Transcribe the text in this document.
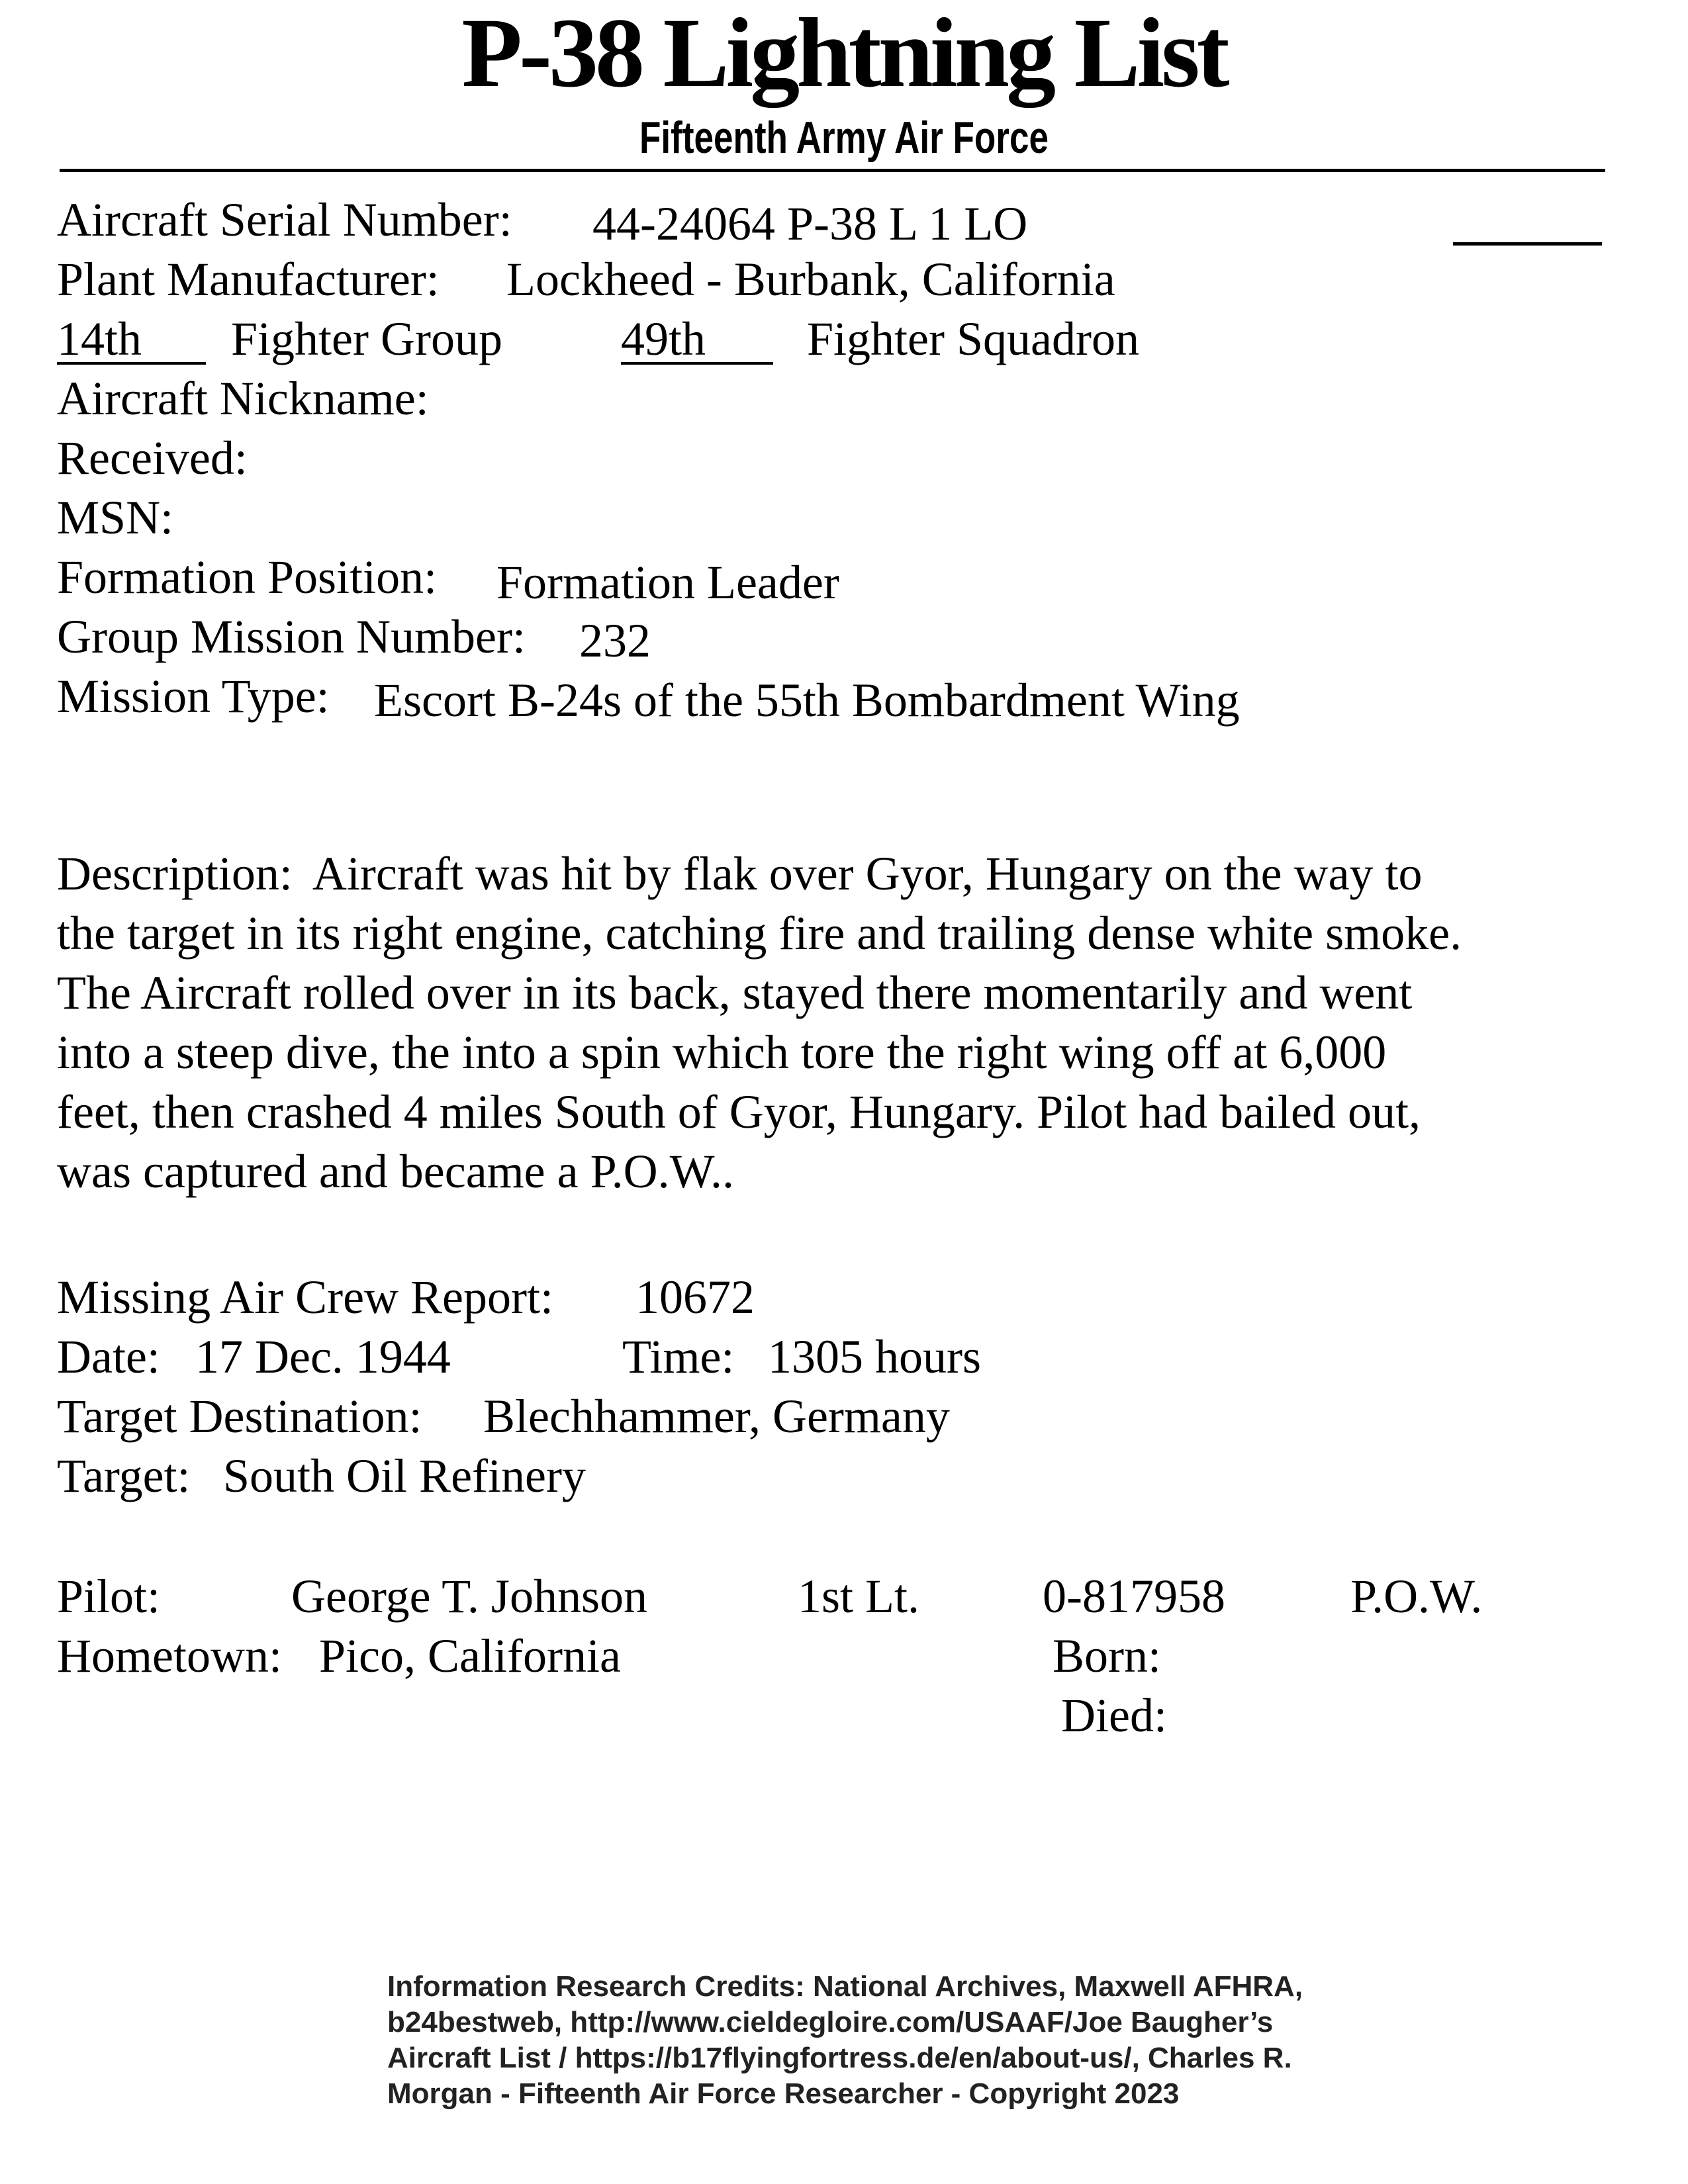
P-38 Lightning List
Fifteenth Army Air Force
Aircraft Serial Number: 44-24064 P-38 L 1 LO
Plant Manufacturer: Lockheed - Burbank, California
14th Fighter Group 49th Fighter Squadron
Aircraft Nickname:
Received:
MSN:
Formation Position: Formation Leader
Group Mission Number: 232
Mission Type: Escort B-24s of the 55th Bombardment Wing
Description: Aircraft was hit by flak over Gyor, Hungary on the way to
the target in its right engine, catching fire and trailing dense white smoke.
The Aircraft rolled over in its back, stayed there momentarily and went
into a steep dive, the into a spin which tore the right wing off at 6,000
feet, then crashed 4 miles South of Gyor, Hungary. Pilot had bailed out,
was captured and became a P.O.W..
Missing Air Crew Report: 10672
Date: 17 Dec. 1944	Time: 1305 hours
Target Destination: Blechhammer, Germany
Target: South Oil Refinery
Pilot:	George T. Johnson	1st Lt.	0-817958	P.O.W.
Hometown: Pico, California	Born:
Died:
Information Research Credits: National Archives, Maxwell AFHRA,
b24bestweb, http://www.cieldegloire.com/USAAF/Joe Baugher’s
Aircraft List / https://b17flyingfortress.de/en/about-us/, Charles R.
Morgan - Fifteenth Air Force Researcher - Copyright 2023
